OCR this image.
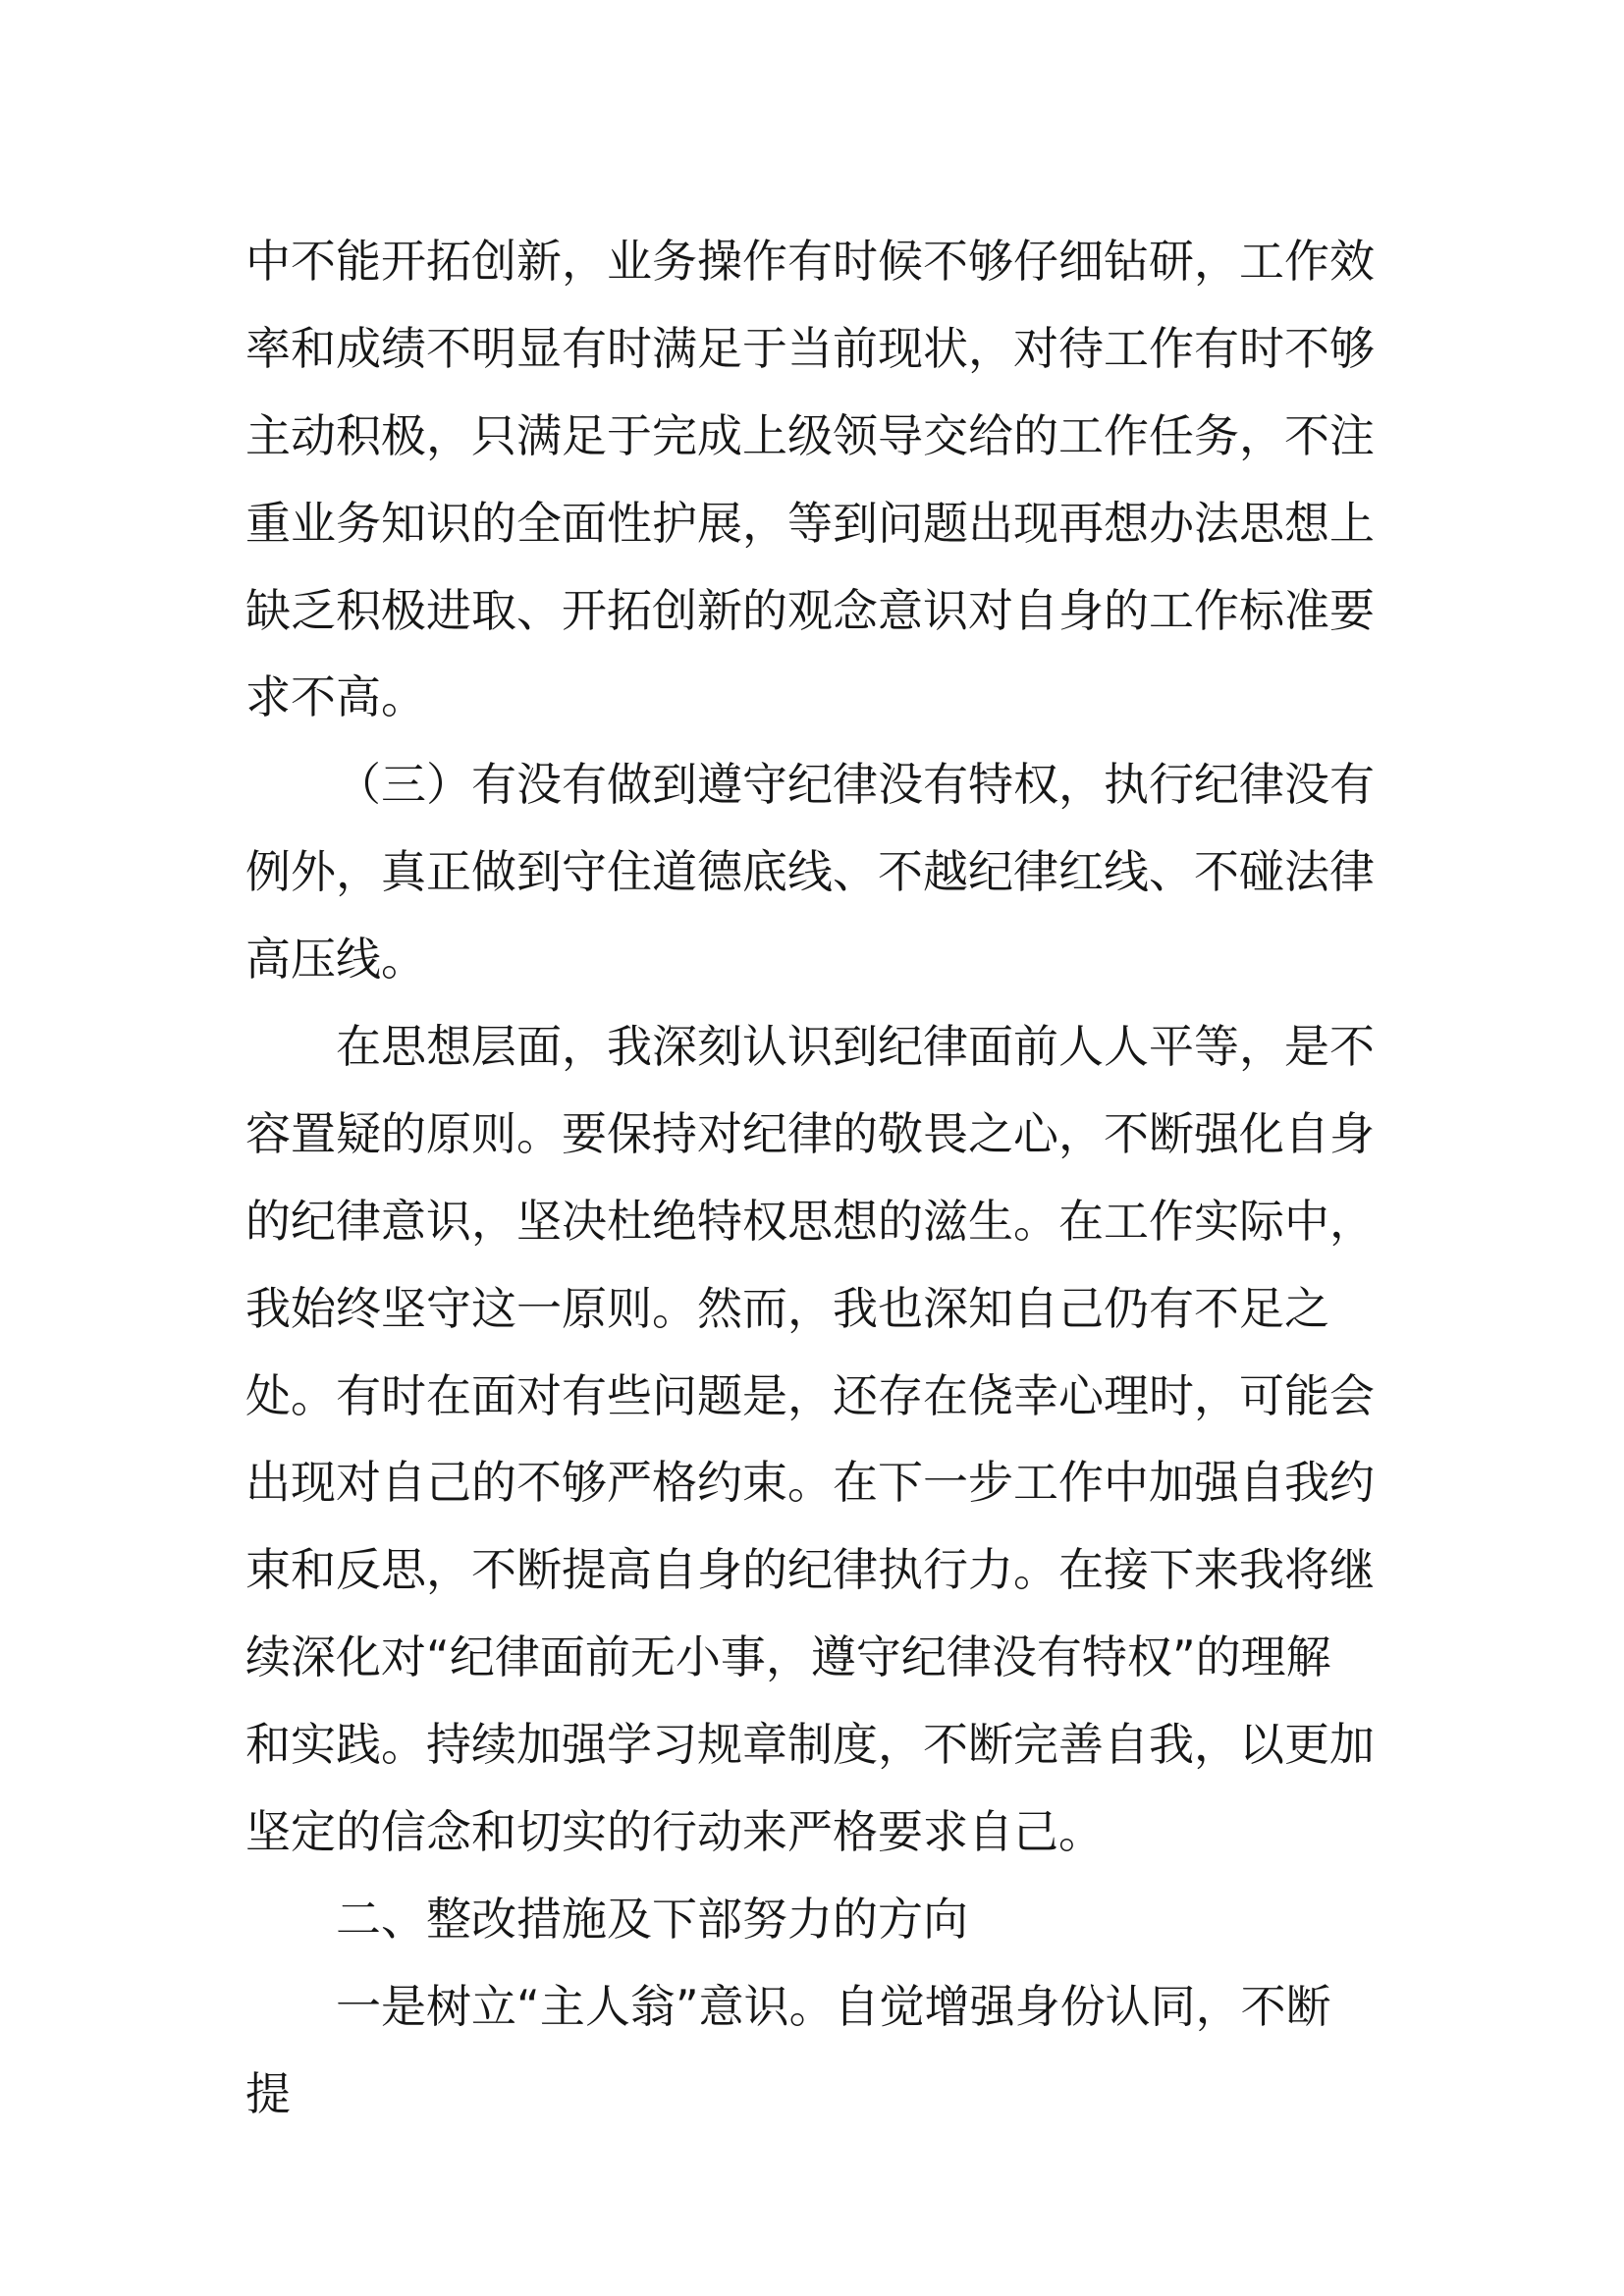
中不能开拓创新，业务操作有时候不够仔细钻研，工作效
率和成绩不明显有时满足于当前现状，对待工作有时不够
主动积极，只满足于完成上级领导交给的工作任务，不注
重业务知识的全面性护展，等到问题出现再想办法思想上
缺乏积极进取、开拓创新的观念意识对自身的工作标准要
求不高。
（三）有没有做到遵守纪律没有特权，执行纪律没有
例外，真正做到守住道德底线、不越纪律红线、不碰法律
高压线。
在思想层面，我深刻认识到纪律面前人人平等，是不
容置疑的原则。要保持对纪律的敬畏之心，不断强化自身
的纪律意识，坚决杜绝特权思想的滋生。在工作实际中，
我始终坚守这一原则。然而，我也深知自己仍有不足之
处。有时在面对有些问题是，还存在侥幸心理时，可能会
出现对自己的不够严格约束。在下一步工作中加强自我约
束和反思，不断提高自身的纪律执行力。在接下来我将继
续深化对“纪律面前无小事，遵守纪律没有特权”的理解
和实践。持续加强学习规章制度，不断完善自我，以更加
坚定的信念和切实的行动来严格要求自己。
二、整改措施及下部努力的方向
一是树立“主人翁”意识。自觉增强身份认同，不断
提
